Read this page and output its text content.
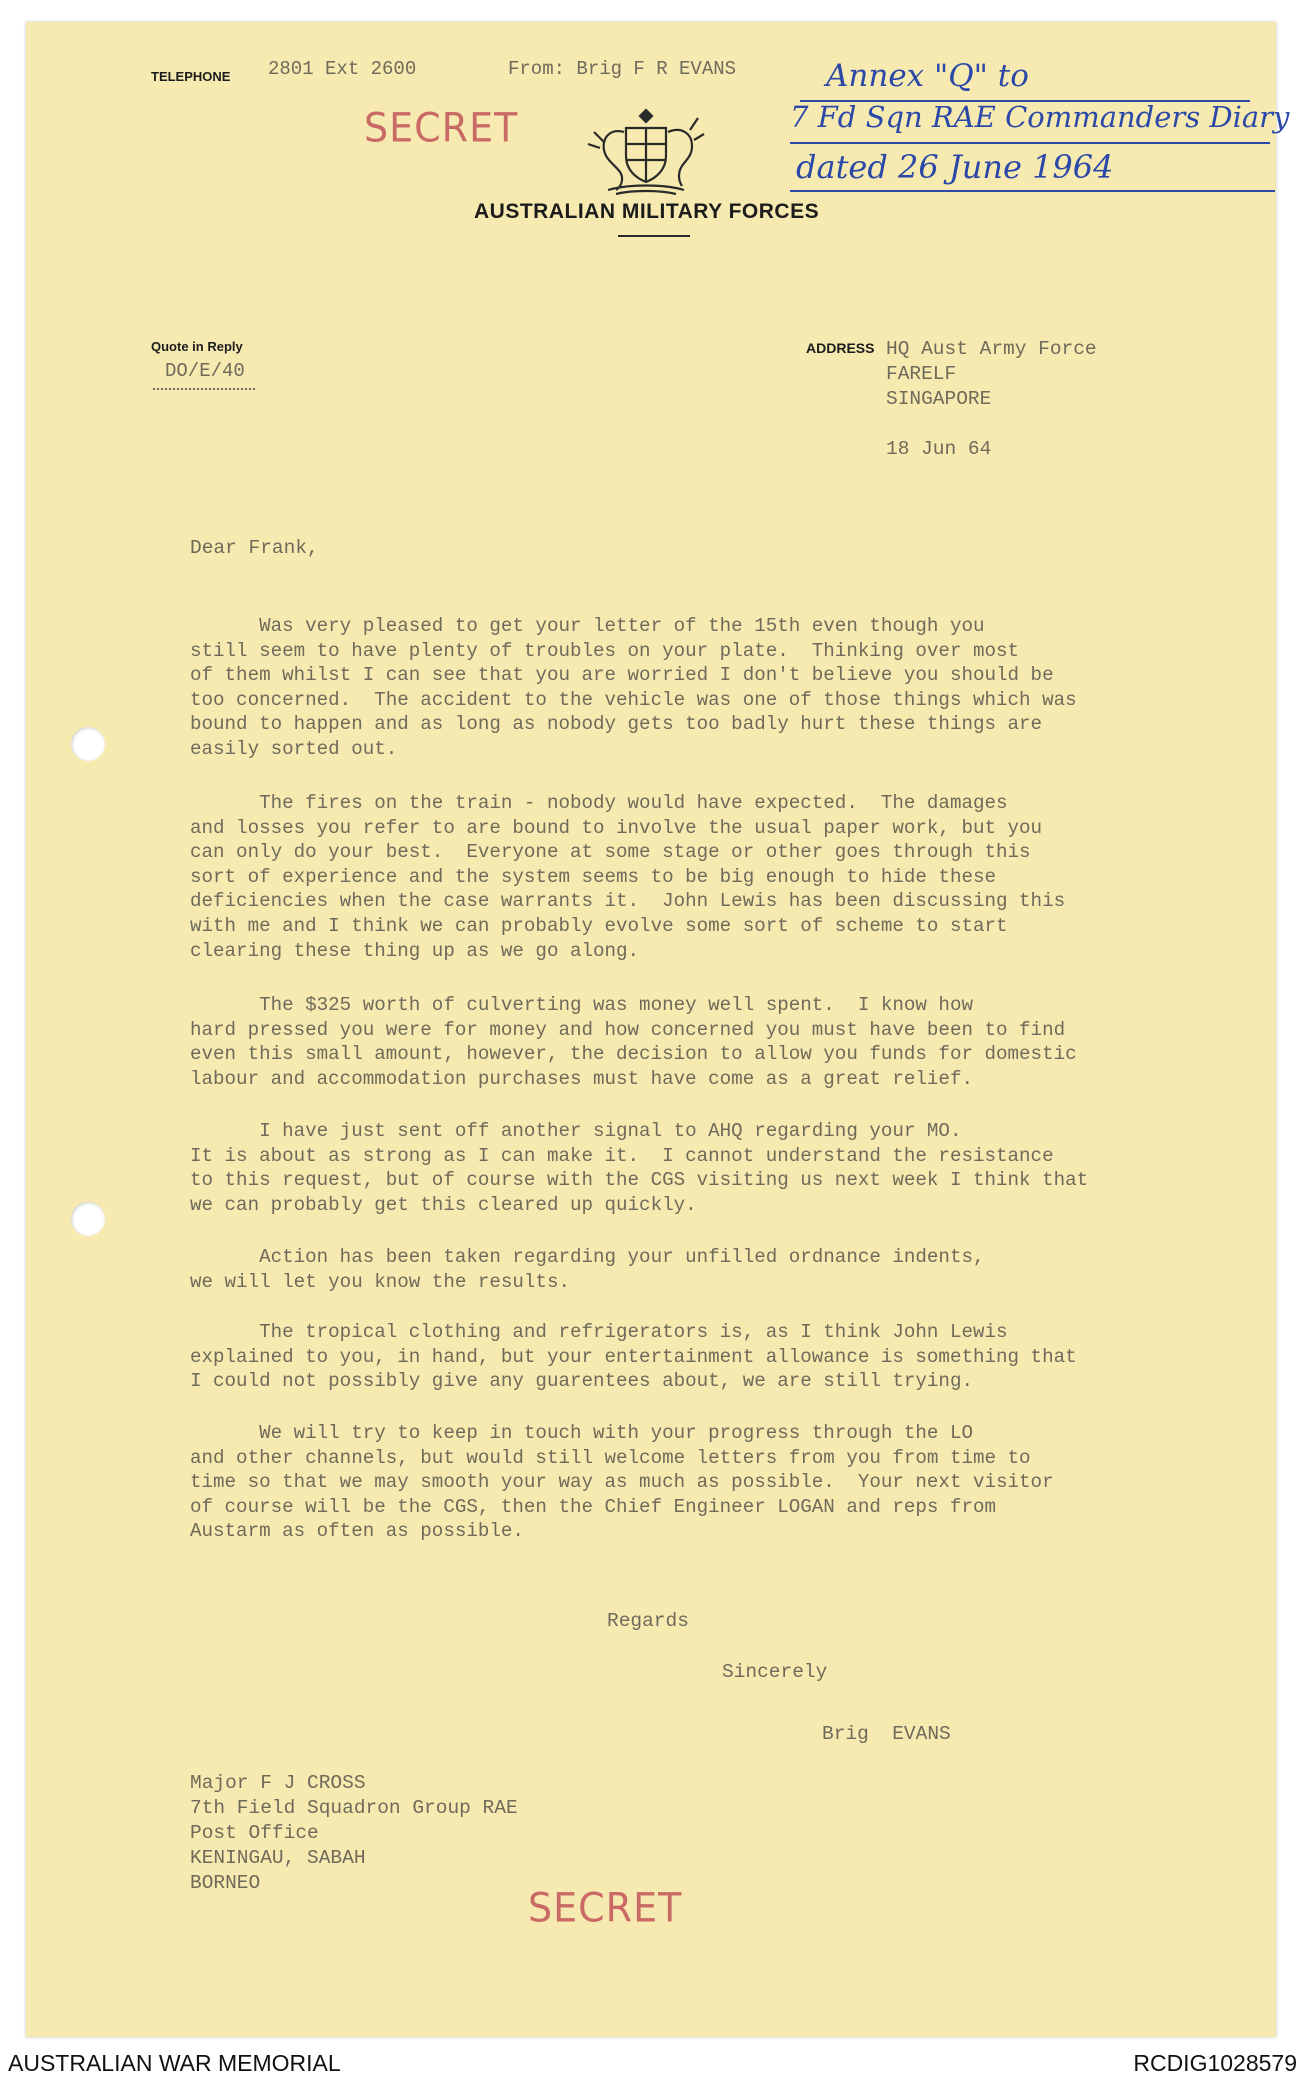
TELEPHONE 2801 Ext 2600	From: Brig F R EVANS
SECRET
AUSTRALIAN MILITARY FORCES
Annex "Q" to
7 Fd Sqn RAE Commanders Diary
dated 26 June 1964
Quote in Reply
DO/E/40
ADDRESS HQ Aust Army Force
FARELF
SINGAPORE
18 Jun 64
Dear Frank,
Was very pleased to get your letter of the 15th even though you
still seem to have plenty of troubles on your plate.  Thinking over most
of them whilst I can see that you are worried I don't believe you should be
too concerned.  The accident to the vehicle was one of those things which was
bound to happen and as long as nobody gets too badly hurt these things are
easily sorted out.
The fires on the train - nobody would have expected.  The damages
and losses you refer to are bound to involve the usual paper work, but you
can only do your best.  Everyone at some stage or other goes through this
sort of experience and the system seems to be big enough to hide these
deficiencies when the case warrants it.  John Lewis has been discussing this
with me and I think we can probably evolve some sort of scheme to start
clearing these thing up as we go along.
The $325 worth of culverting was money well spent.  I know how
hard pressed you were for money and how concerned you must have been to find
even this small amount, however, the decision to allow you funds for domestic
labour and accommodation purchases must have come as a great relief.
I have just sent off another signal to AHQ regarding your MO.
It is about as strong as I can make it.  I cannot understand the resistance
to this request, but of course with the CGS visiting us next week I think that
we can probably get this cleared up quickly.
Action has been taken regarding your unfilled ordnance indents,
we will let you know the results.
The tropical clothing and refrigerators is, as I think John Lewis
explained to you, in hand, but your entertainment allowance is something that
I could not possibly give any guarentees about, we are still trying.
We will try to keep in touch with your progress through the LO
and other channels, but would still welcome letters from you from time to
time so that we may smooth your way as much as possible.  Your next visitor
of course will be the CGS, then the Chief Engineer LOGAN and reps from
Austarm as often as possible.
Regards
Sincerely
Brig  EVANS
Major F J CROSS
7th Field Squadron Group RAE
Post Office
KENINGAU, SABAH
BORNEO
SECRET
AUSTRALIAN WAR MEMORIAL	RCDIG1028579
